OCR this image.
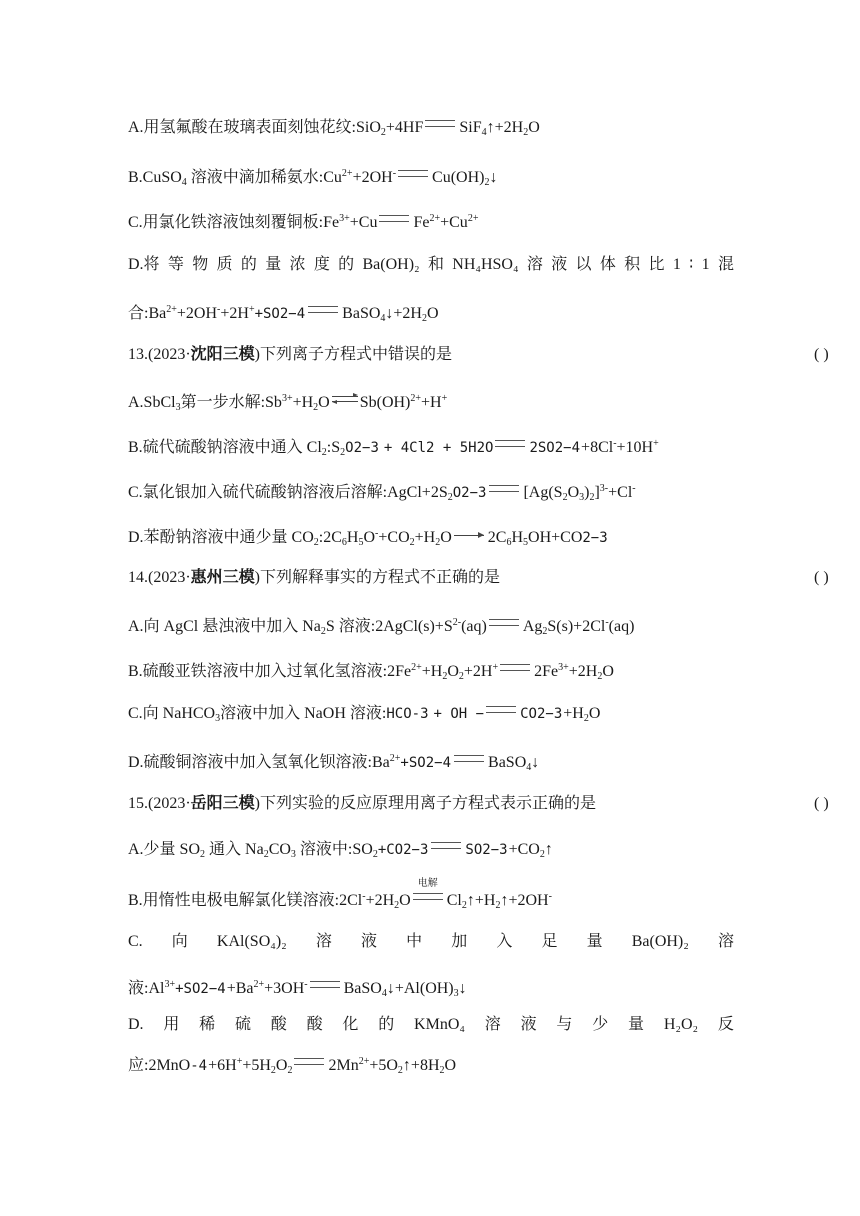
A.用氢氟酸在玻璃表面刻蚀花纹:SiO$_2$+4HF $SiF_4↑+2H_2O$
B.CuSO$_4$ 溶液中滴加稀氨水$:Cu^{2+}+2OH^-$ $Cu(OH)_2↓$
C.用氯化铁溶液蚀刻覆铜板$:Fe^{3+}+Cu$ $Fe^{2+}+Cu^{2+}$
D.将 等 物 质 的 量 浓 度 的 Ba(OH)₂ 和 NH₄HSO₄ 溶 液 以 体 积 比 1 ∶ 1 混
合$:Ba^{2+}+2OH^-+2H^++SO2-4$ $BaSO_4↓+2H_2O$
13.(2023·沈阳三模)下列离子方程式中错误的是	( )
A.SbCl$_3$第一步水解$:Sb^{3+}+H_2O$ Sb(OH)$^{2+}$+H+
B.硫代硫酸钠溶液中通入 $Cl_2:S_2O2-3 + 4Cl2 + 5H2O$	2SO2−4+8Cl-+10H+
C.氯化银加入硫代硫酸钠溶液后溶解$:AgCl+2S_2O2-3$ $[Ag(S_2O_3)_2]^{3-}+Cl^-$
D.苯酚钠溶液中通少量 $CO_2:2C_6H_5O^-+CO_2+H_2O$ $2C_6H_5OH+CO2-3$
14.(2023·惠州三模)下列解释事实的方程式不正确的是	( )
A.向 AgCl 悬浊液中加入 $Na_2S$ 溶液$:2AgCl(s)+S^{2-}(aq)$ $Ag_2S(s)+2Cl^-(aq)$
B.硫酸亚铁溶液中加入过氧化氢溶液$:2Fe^{2+}+H_2O_2+2H^+$ $2Fe^{3+}+2H_2O$
C.向 NaHCO$_3$溶液中加入 NaOH 溶液:HCO-3 + OH −	$CO2-3+H_2O$
D.硫酸铜溶液中加入氢氧化钡溶液$:Ba^{2+}+SO2-4$ BaSO$_4$↓
15.(2023·岳阳三模)下列实验的反应原理用离子方程式表示正确的是	( )
A.少量 $SO_2$ 通入 $Na_2CO_3$ 溶液中$:SO_2+CO2-3$	$SO2-3+CO_2↑$
B.用惰性电极电解氯化镁溶液$:2Cl^-+2H_2O$
电解
$Cl_2↑+H_2↑+2OH^-$
C. 向 KAl(SO₄)₂ 溶 液 中 加 入 足 量 Ba(OH)₂ 溶
液$:Al^{3+}+SO2-4+Ba^{2+}+3OH^-$ $BaSO_4↓+Al(OH)_3↓$
D. 用 稀 硫 酸 酸 化 的 KMnO₄ 溶 液 与 少 量 H₂O₂ 反
应$:2MnO-4+6H^++5H_2O_2$ $2Mn^{2+}+5O_2↑+8H_2O$
